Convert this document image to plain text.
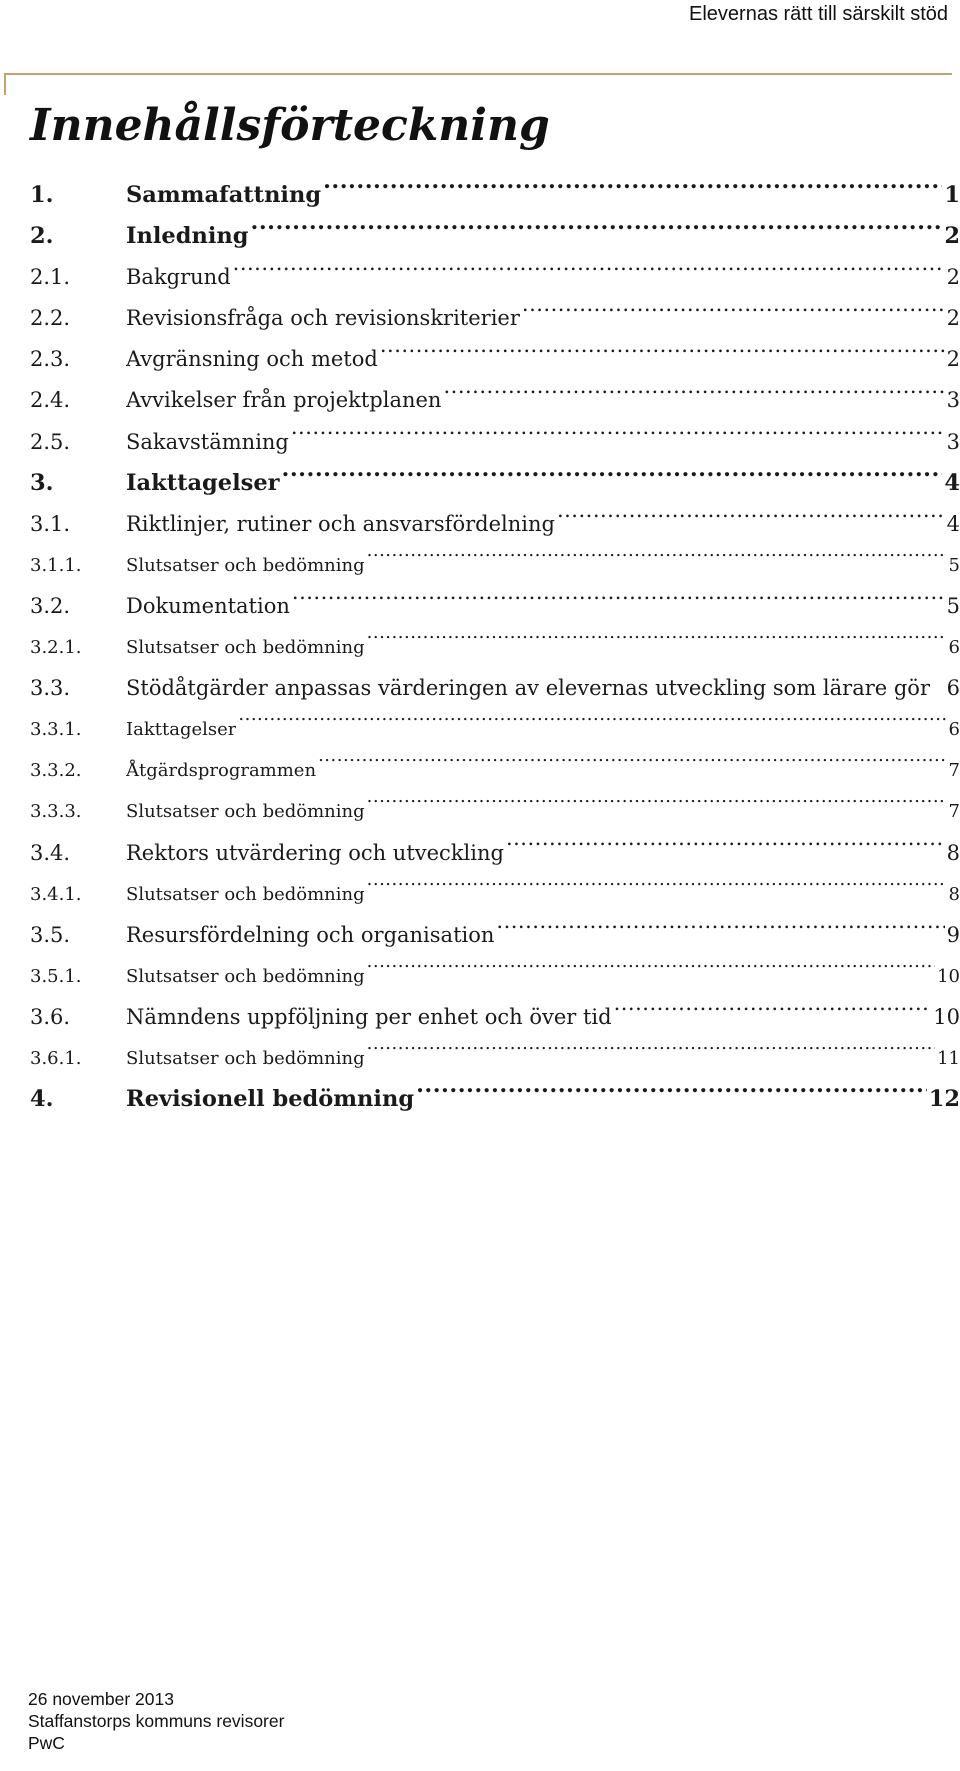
Elevernas rätt till särskilt stöd
Innehållsförteckning
1.	Sammafattning .....	1
2.	Inledning .....	2
2.1.	Bakgrund .....	2
2.2.	Revisionsfråga och revisionskriterier .....	2
2.3.	Avgränsning och metod .....	2
2.4.	Avvikelser från projektplanen .....	3
2.5.	Sakavstämning .....	3
3.	Iakttagelser .....	4
3.1.	Riktlinjer, rutiner och ansvarsfördelning .....	4
3.1.1.	Slutsatser och bedömning .....	5
3.2.	Dokumentation .....	5
3.2.1.	Slutsatser och bedömning .....	6
3.3.	Stödåtgärder anpassas värderingen av elevernas utveckling som lärare gör 6
3.3.1.	Iakttagelser .....	6
3.3.2.	Åtgärdsprogrammen .....	7
3.3.3.	Slutsatser och bedömning .....	7
3.4.	Rektors utvärdering och utveckling .....	8
3.4.1.	Slutsatser och bedömning .....	8
3.5.	Resursfördelning och organisation .....	9
3.5.1.	Slutsatser och bedömning .....	10
3.6.	Nämndens uppföljning per enhet och över tid .....	10
3.6.1.	Slutsatser och bedömning .....	11
4.	Revisionell bedömning .....	12
26 november 2013
Staffanstorps kommuns revisorer
PwC
